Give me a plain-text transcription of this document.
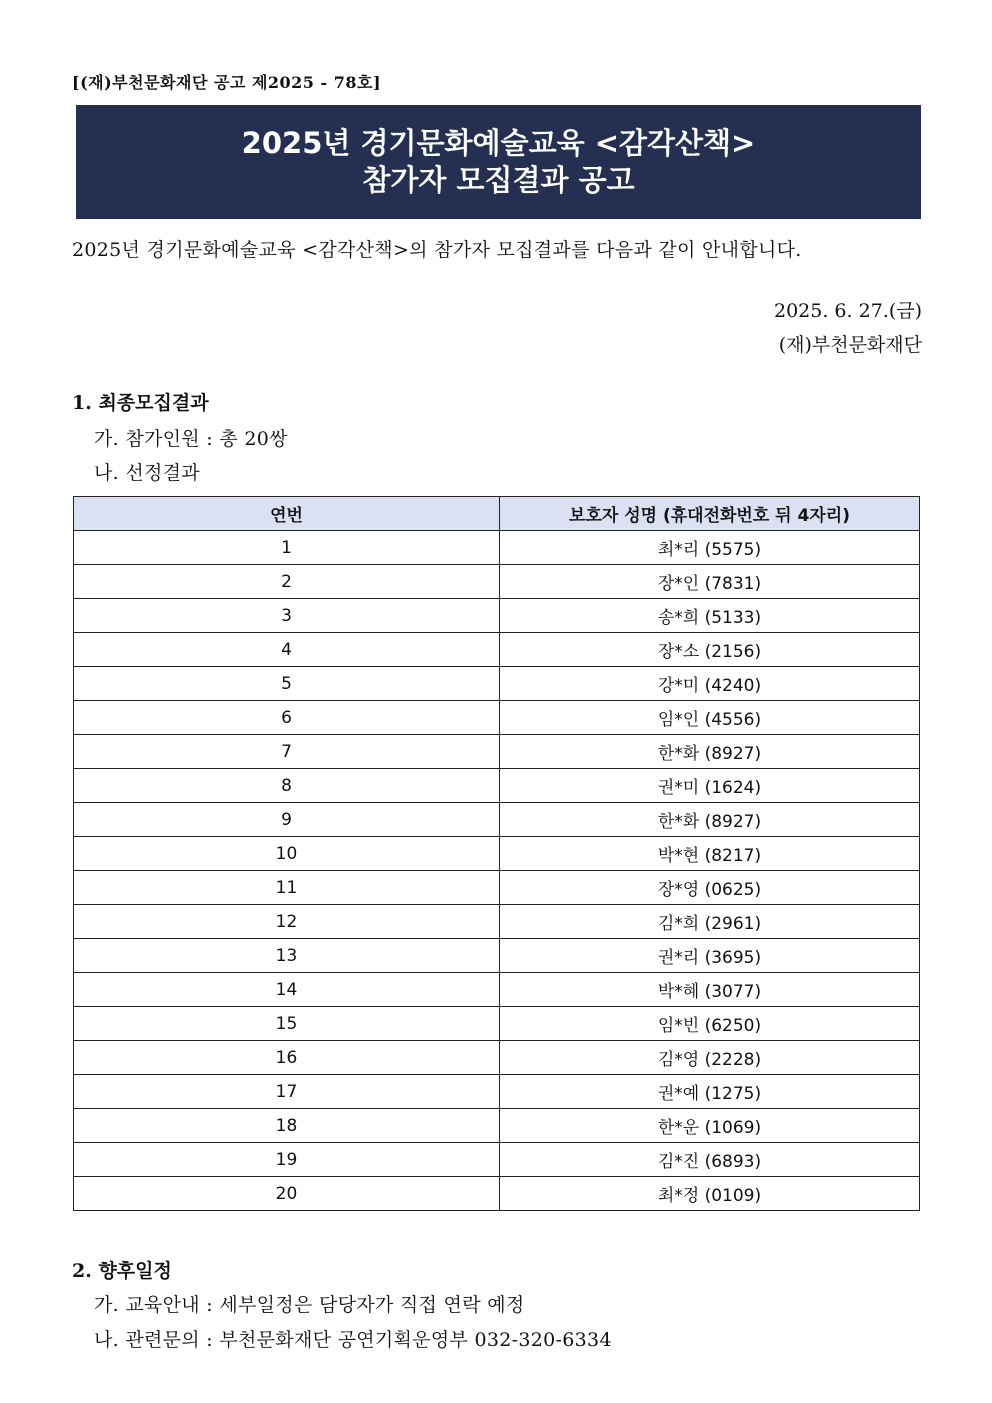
[(재)부천문화재단 공고 제2025 - 78호]
2025년 경기문화예술교육 <감각산책>
참가자 모집결과 공고
2025년 경기문화예술교육 <감각산책>의 참가자 모집결과를 다음과 같이 안내합니다.
2025. 6. 27.(금)
(재)부천문화재단
1. 최종모집결과
가. 참가인원 : 총 20쌍
나. 선정결과
연번	보호자 성명 (휴대전화번호 뒤 4자리)
1	최*리 (5575)
2	장*인 (7831)
3	송*희 (5133)
4	장*소 (2156)
5	강*미 (4240)
6	임*인 (4556)
7	한*화 (8927)
8	권*미 (1624)
9	한*화 (8927)
10	박*현 (8217)
11	장*영 (0625)
12	김*희 (2961)
13	권*리 (3695)
14	박*혜 (3077)
15	임*빈 (6250)
16	김*영 (2228)
17	권*예 (1275)
18	한*운 (1069)
19	김*진 (6893)
20	최*정 (0109)
2. 향후일정
가. 교육안내 : 세부일정은 담당자가 직접 연락 예정
나. 관련문의 : 부천문화재단 공연기획운영부 032-320-6334
